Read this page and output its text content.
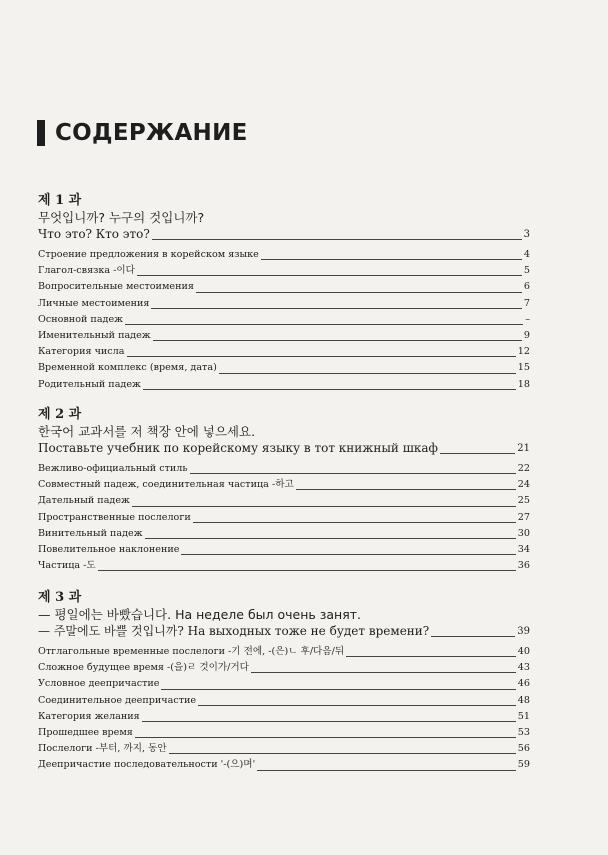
СОДЕРЖАНИЕ
제 1 과
무엇입니까? 누구의 것입니까?
Что это? Кто это?	3
Строение предложения в корейском языке	4
Глагол-связка -이다	5
Вопросительные местоимения	6
Личные местоимения	7
Основной падеж	–
Именительный падеж	9
Категория числа	12
Временной комплекс (время, дата)	15
Родительный падеж	18
제 2 과
한국어 교과서를 저 책장 안에 넣으세요.
Поставьте учебник по корейскому языку в тот книжный шкаф	21
Вежливо-официальный стиль	22
Совместный падеж, соединительная частица -하고	24
Дательный падеж	25
Пространственные послелоги	27
Винительный падеж	30
Повелительное наклонение	34
Частица -도	36
제 3 과
— 평일에는 바빴습니다. На неделе был очень занят.
— 주말에도 바쁠 것입니까? На выходных тоже не будет времени?	39
Отглагольные временные послелоги -기 전에, -(은)ㄴ 후/다음/뒤	40
Сложное будущее время -(을)ㄹ 것이가/거다	43
Условное деепричастие	46
Соединительное деепричастие	48
Категория желания	51
Прошедшее время	53
Послелоги -부터, 까지, 동안	56
Деепричастие последовательности '-(으)며'	59
